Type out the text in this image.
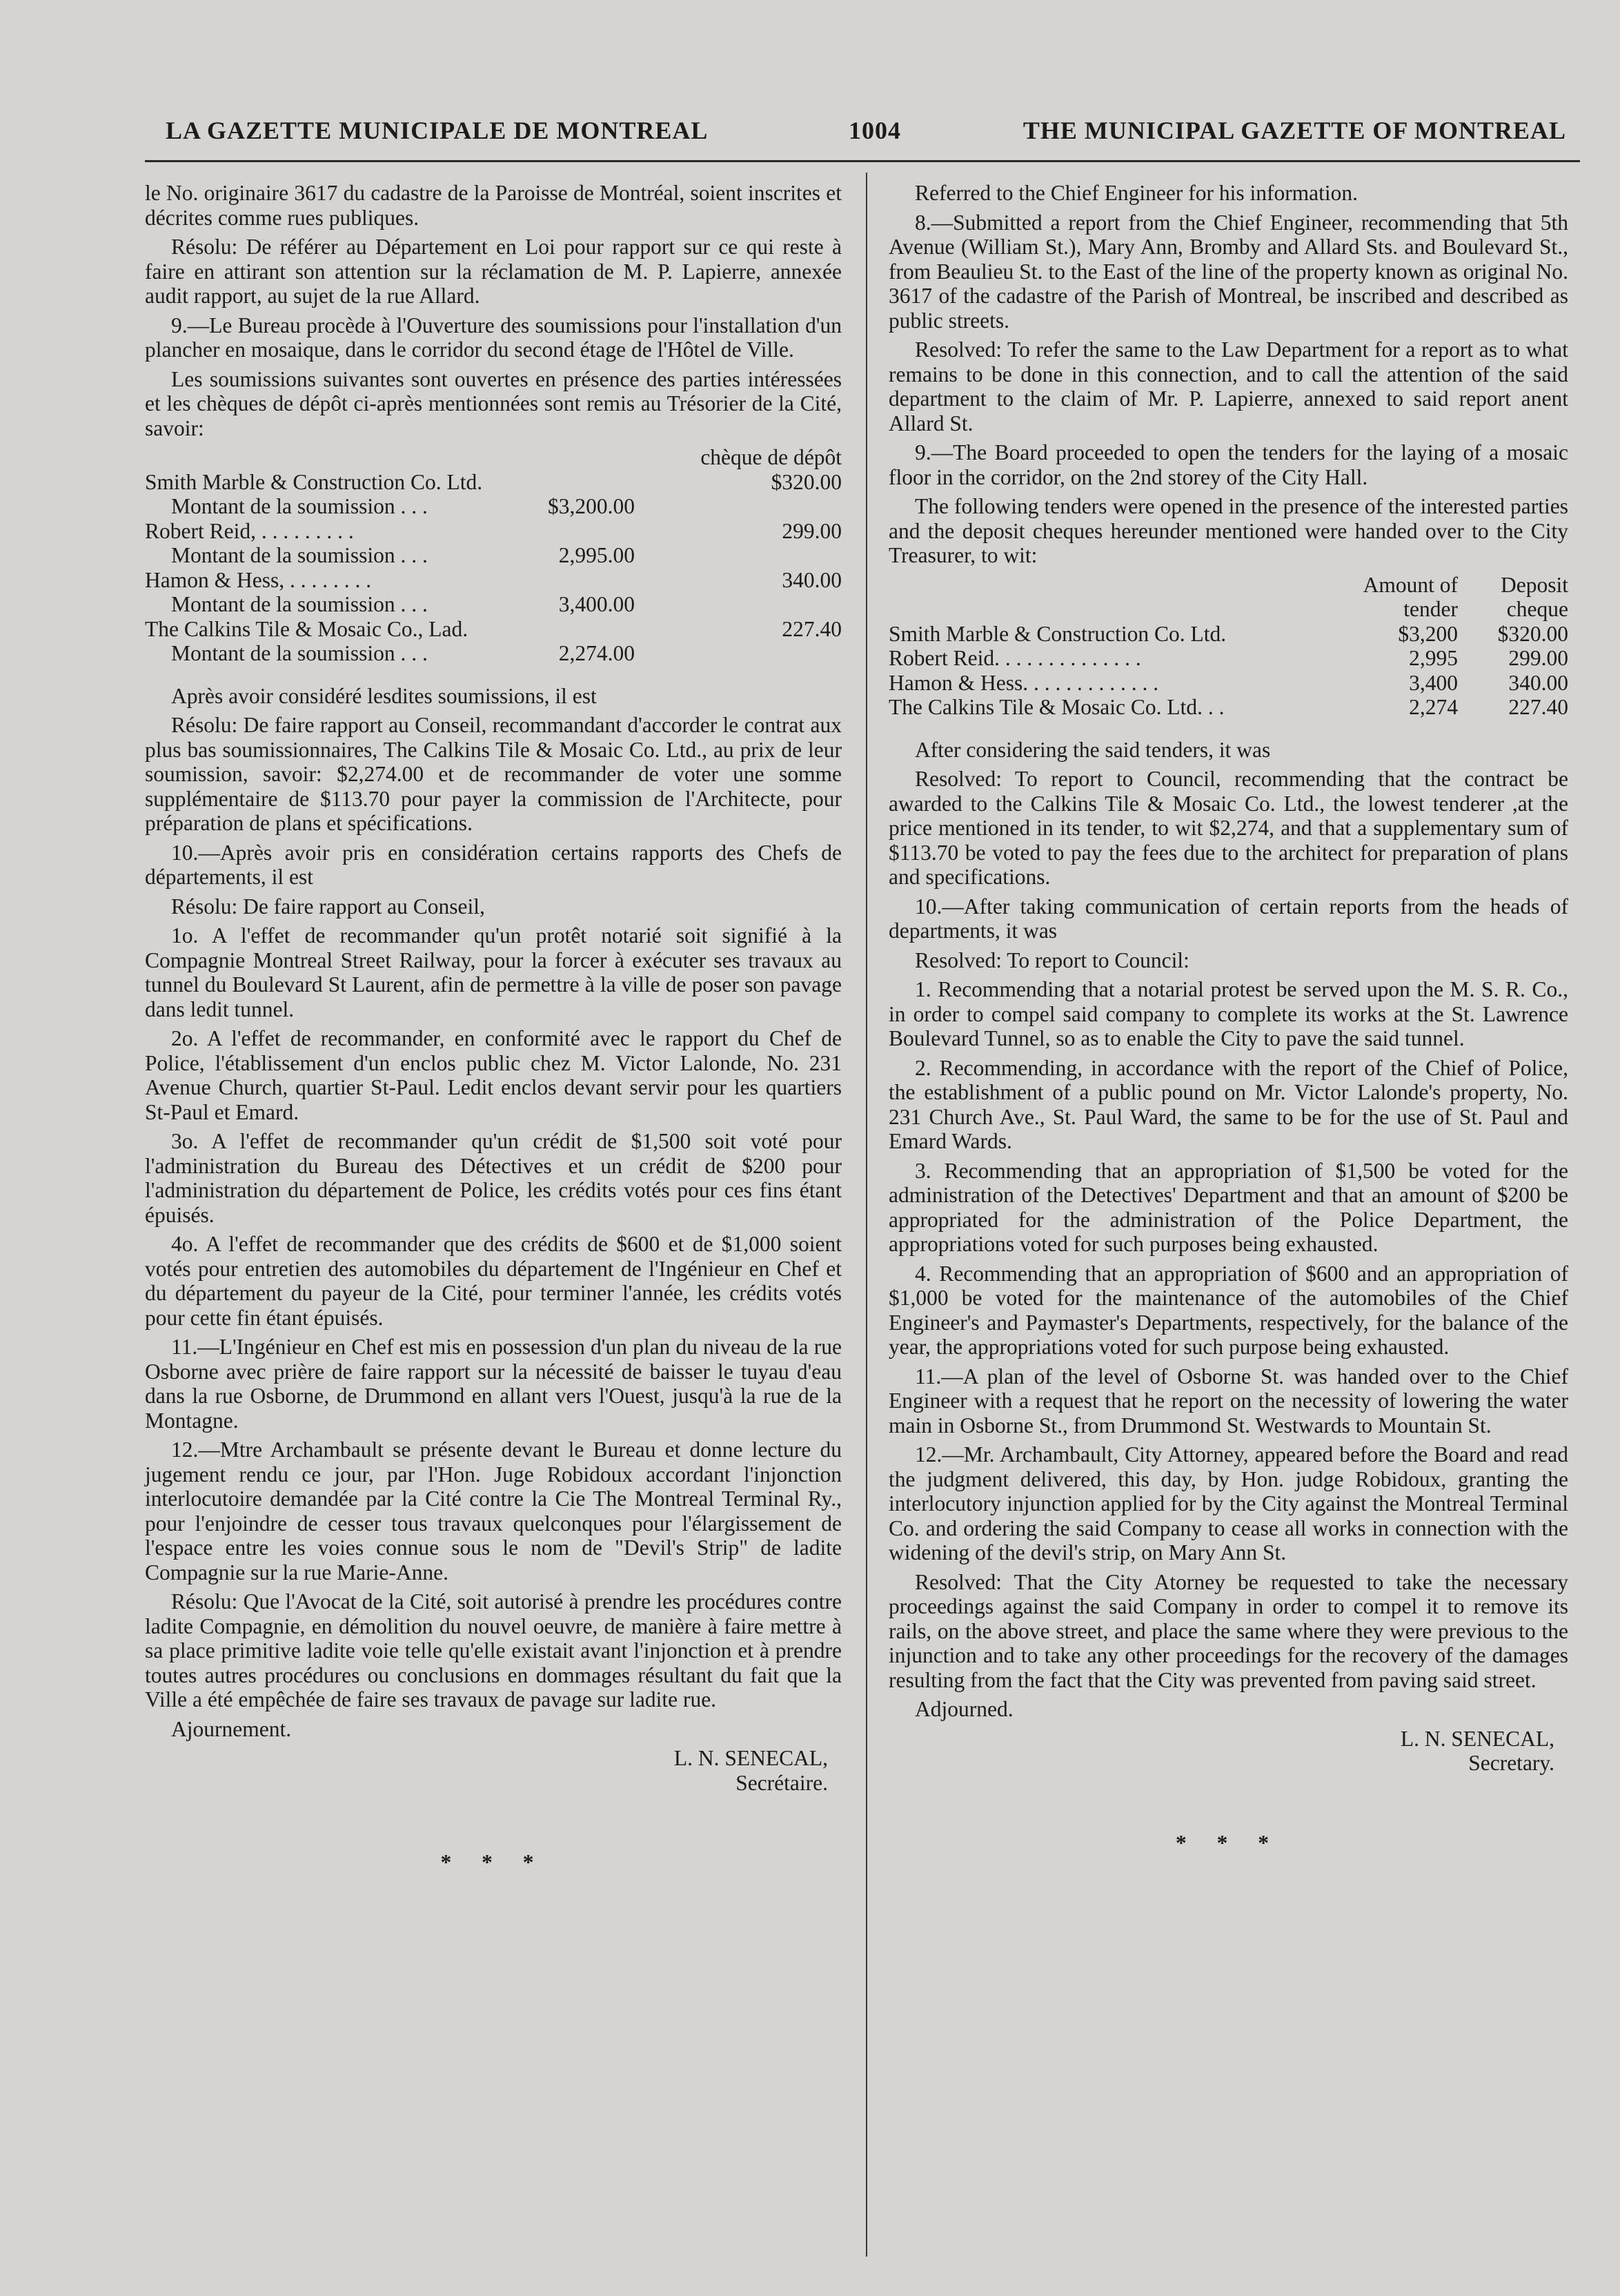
LA GAZETTE MUNICIPALE DE MONTREAL	1004	THE MUNICIPAL GAZETTE OF MONTREAL

le No. originaire 3617 du cadastre de la Paroisse de Montréal, soient inscrites et décrites comme rues publiques.

Résolu: De référer au Département en Loi pour rapport sur ce qui reste à faire en attirant son attention sur la réclamation de M. P. Lapierre, annexée audit rapport, au sujet de la rue Allard.

9.—Le Bureau procède à l'Ouverture des soumissions pour l'installation d'un plancher en mosaique, dans le corridor du second étage de l'Hôtel de Ville.

Les soumissions suivantes sont ouvertes en présence des parties intéressées et les chèques de dépôt ci-après mentionnées sont remis au Trésorier de la Cité, savoir:

		chèque de dépôt
Smith Marble & Construction Co. Ltd.		$320.00
Montant de la soumission . . .	$3,200.00	
Robert Reid, . . . . . . . . .		299.00
Montant de la soumission . . .	2,995.00	
Hamon & Hess, . . . . . . . .		340.00
Montant de la soumission . . .	3,400.00	
The Calkins Tile & Mosaic Co., Lad.		227.40
Montant de la soumission . . .	2,274.00	

Après avoir considéré lesdites soumissions, il est

Résolu: De faire rapport au Conseil, recommandant d'accorder le contrat aux plus bas soumissionnaires, The Calkins Tile & Mosaic Co. Ltd., au prix de leur soumission, savoir: $2,274.00 et de recommander de voter une somme supplémentaire de $113.70 pour payer la commission de l'Architecte, pour préparation de plans et spécifications.

10.—Après avoir pris en considération certains rapports des Chefs de départements, il est

Résolu: De faire rapport au Conseil,

1o. A l'effet de recommander qu'un protêt notarié soit signifié à la Compagnie Montreal Street Railway, pour la forcer à exécuter ses travaux au tunnel du Boulevard St Laurent, afin de permettre à la ville de poser son pavage dans ledit tunnel.

2o. A l'effet de recommander, en conformité avec le rapport du Chef de Police, l'établissement d'un enclos public chez M. Victor Lalonde, No. 231 Avenue Church, quartier St-Paul. Ledit enclos devant servir pour les quartiers St-Paul et Emard.

3o. A l'effet de recommander qu'un crédit de $1,500 soit voté pour l'administration du Bureau des Détectives et un crédit de $200 pour l'administration du département de Police, les crédits votés pour ces fins étant épuisés.

4o. A l'effet de recommander que des crédits de $600 et de $1,000 soient votés pour entretien des automobiles du département de l'Ingénieur en Chef et du département du payeur de la Cité, pour terminer l'année, les crédits votés pour cette fin étant épuisés.

11.—L'Ingénieur en Chef est mis en possession d'un plan du niveau de la rue Osborne avec prière de faire rapport sur la nécessité de baisser le tuyau d'eau dans la rue Osborne, de Drummond en allant vers l'Ouest, jusqu'à la rue de la Montagne.

12.—Mtre Archambault se présente devant le Bureau et donne lecture du jugement rendu ce jour, par l'Hon. Juge Robidoux accordant l'injonction interlocutoire demandée par la Cité contre la Cie The Montreal Terminal Ry., pour l'enjoindre de cesser tous travaux quelconques pour l'élargissement de l'espace entre les voies connue sous le nom de "Devil's Strip" de ladite Compagnie sur la rue Marie-Anne.

Résolu: Que l'Avocat de la Cité, soit autorisé à prendre les procédures contre ladite Compagnie, en démolition du nouvel oeuvre, de manière à faire mettre à sa place primitive ladite voie telle qu'elle existait avant l'injonction et à prendre toutes autres procédures ou conclusions en dommages résultant du fait que la Ville a été empêchée de faire ses travaux de pavage sur ladite rue.

Ajournement.

L. N. SENECAL,
Secrétaire.
* * *

Referred to the Chief Engineer for his information.

8.—Submitted a report from the Chief Engineer, recommending that 5th Avenue (William St.), Mary Ann, Bromby and Allard Sts. and Boulevard St., from Beaulieu St. to the East of the line of the property known as original No. 3617 of the cadastre of the Parish of Montreal, be inscribed and described as public streets.

Resolved: To refer the same to the Law Department for a report as to what remains to be done in this connection, and to call the attention of the said department to the claim of Mr. P. Lapierre, annexed to said report anent Allard St.

9.—The Board proceeded to open the tenders for the laying of a mosaic floor in the corridor, on the 2nd storey of the City Hall.

The following tenders were opened in the presence of the interested parties and the deposit cheques hereunder mentioned were handed over to the City Treasurer, to wit:

	Amount of tender	Deposit cheque
Smith Marble & Construction Co. Ltd.	$3,200	$320.00
Robert Reid. . . . . . . . . . . . . .	2,995	299.00
Hamon & Hess. . . . . . . . . . . . .	3,400	340.00
The Calkins Tile & Mosaic Co. Ltd. . .	2,274	227.40

After considering the said tenders, it was

Resolved: To report to Council, recommending that the contract be awarded to the Calkins Tile & Mosaic Co. Ltd., the lowest tenderer ,at the price mentioned in its tender, to wit $2,274, and that a supplementary sum of $113.70 be voted to pay the fees due to the architect for preparation of plans and specifications.

10.—After taking communication of certain reports from the heads of departments, it was

Resolved: To report to Council:

1. Recommending that a notarial protest be served upon the M. S. R. Co., in order to compel said company to complete its works at the St. Lawrence Boulevard Tunnel, so as to enable the City to pave the said tunnel.

2. Recommending, in accordance with the report of the Chief of Police, the establishment of a public pound on Mr. Victor Lalonde's property, No. 231 Church Ave., St. Paul Ward, the same to be for the use of St. Paul and Emard Wards.

3. Recommending that an appropriation of $1,500 be voted for the administration of the Detectives' Department and that an amount of $200 be appropriated for the administration of the Police Department, the appropriations voted for such purposes being exhausted.

4. Recommending that an appropriation of $600 and an appropriation of $1,000 be voted for the maintenance of the automobiles of the Chief Engineer's and Paymaster's Departments, respectively, for the balance of the year, the appropriations voted for such purpose being exhausted.

11.—A plan of the level of Osborne St. was handed over to the Chief Engineer with a request that he report on the necessity of lowering the water main in Osborne St., from Drummond St. Westwards to Mountain St.

12.—Mr. Archambault, City Attorney, appeared before the Board and read the judgment delivered, this day, by Hon. judge Robidoux, granting the interlocutory injunction applied for by the City against the Montreal Terminal Co. and ordering the said Company to cease all works in connection with the widening of the devil's strip, on Mary Ann St.

Resolved: That the City Atorney be requested to take the necessary proceedings against the said Company in order to compel it to remove its rails, on the above street, and place the same where they were previous to the injunction and to take any other proceedings for the recovery of the damages resulting from the fact that the City was prevented from paving said street.

Adjourned.

L. N. SENECAL,
Secretary.
* * *
